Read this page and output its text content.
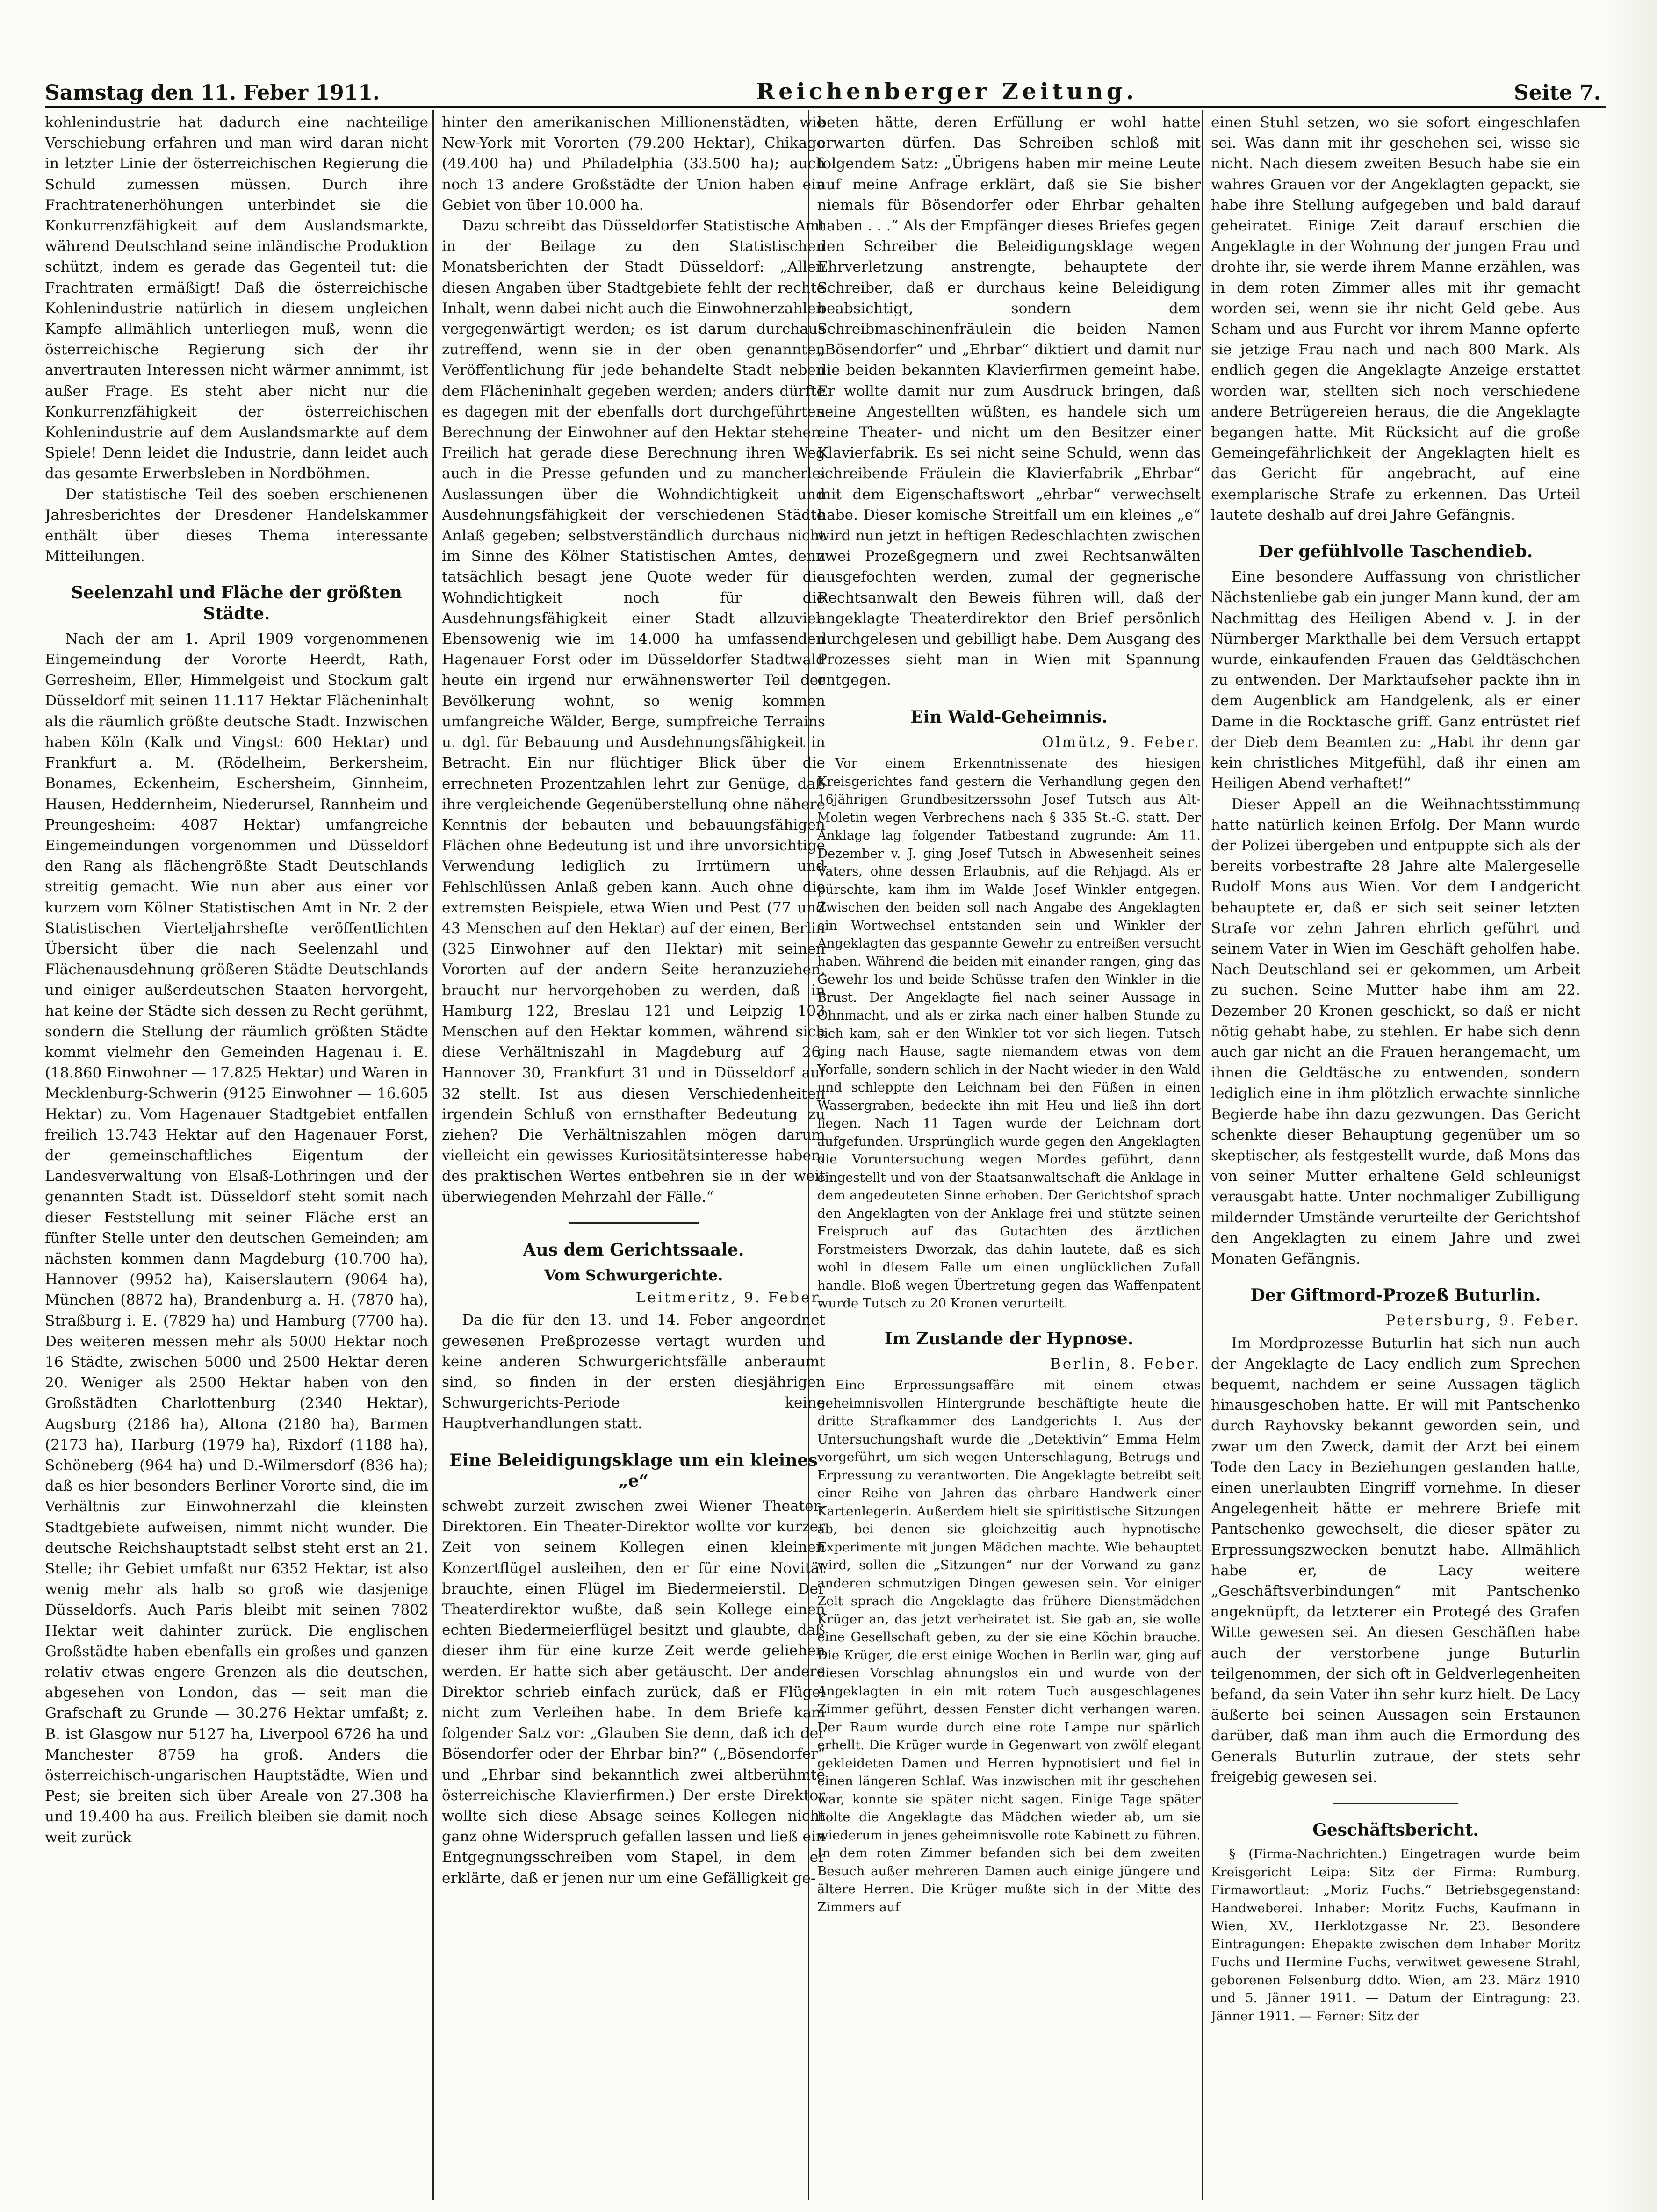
Samstag den 11. Feber 1911.	Reichenberger Zeitung.	Seite 7.

kohlenindustrie hat dadurch eine nachteilige Verschiebung erfahren und man wird daran nicht in letzter Linie der österreichischen Regierung die Schuld zumessen müssen. Durch ihre Frachtratenerhöhungen unterbindet sie die Konkurrenzfähigkeit auf dem Auslandsmarkte, während Deutschland seine inländische Produktion schützt, indem es gerade das Gegenteil tut: die Frachtraten ermäßigt! Daß die österreichische Kohlenindustrie natürlich in diesem ungleichen Kampfe allmählich unterliegen muß, wenn die österreichische Regierung sich der ihr anvertrauten Interessen nicht wärmer annimmt, ist außer Frage. Es steht aber nicht nur die Konkurrenzfähigkeit der österreichischen Kohlenindustrie auf dem Auslandsmarkte auf dem Spiele! Denn leidet die Industrie, dann leidet auch das gesamte Erwerbsleben in Nordböhmen.

Der statistische Teil des soeben erschienenen Jahresberichtes der Dresdener Handelskammer enthält über dieses Thema interessante Mitteilungen.

Seelenzahl und Fläche der größten Städte.

Nach der am 1. April 1909 vorgenommenen Eingemeindung der Vororte Heerdt, Rath, Gerresheim, Eller, Himmelgeist und Stockum galt Düsseldorf mit seinen 11.117 Hektar Flächeninhalt als die räumlich größte deutsche Stadt. Inzwischen haben Köln (Kalk und Vingst: 600 Hektar) und Frankfurt a. M. (Rödelheim, Berkersheim, Bonames, Eckenheim, Eschersheim, Ginnheim, Hausen, Heddernheim, Niederursel, Rannheim und Preungesheim: 4087 Hektar) umfangreiche Eingemeindungen vorgenommen und Düsseldorf den Rang als flächengrößte Stadt Deutschlands streitig gemacht. Wie nun aber aus einer vor kurzem vom Kölner Statistischen Amt in Nr. 2 der Statistischen Vierteljahrshefte veröffentlichten Übersicht über die nach Seelenzahl und Flächenausdehnung größeren Städte Deutschlands und einiger außerdeutschen Staaten hervorgeht, hat keine der Städte sich dessen zu Recht gerühmt, sondern die Stellung der räumlich größten Städte kommt vielmehr den Gemeinden Hagenau i. E. (18.860 Einwohner — 17.825 Hektar) und Waren in Mecklenburg-Schwerin (9125 Einwohner — 16.605 Hektar) zu. Vom Hagenauer Stadtgebiet entfallen freilich 13.743 Hektar auf den Hagenauer Forst, der gemeinschaftliches Eigentum der Landesverwaltung von Elsaß-Lothringen und der genannten Stadt ist. Düsseldorf steht somit nach dieser Feststellung mit seiner Fläche erst an fünfter Stelle unter den deutschen Gemeinden; am nächsten kommen dann Magdeburg (10.700 ha), Hannover (9952 ha), Kaiserslautern (9064 ha), München (8872 ha), Brandenburg a. H. (7870 ha), Straßburg i. E. (7829 ha) und Hamburg (7700 ha). Des weiteren messen mehr als 5000 Hektar noch 16 Städte, zwischen 5000 und 2500 Hektar deren 20. Weniger als 2500 Hektar haben von den Großstädten Charlottenburg (2340 Hektar), Augsburg (2186 ha), Altona (2180 ha), Barmen (2173 ha), Harburg (1979 ha), Rixdorf (1188 ha), Schöneberg (964 ha) und D.-Wilmersdorf (836 ha); daß es hier besonders Berliner Vororte sind, die im Verhältnis zur Einwohnerzahl die kleinsten Stadtgebiete aufweisen, nimmt nicht wunder. Die deutsche Reichshauptstadt selbst steht erst an 21. Stelle; ihr Gebiet umfaßt nur 6352 Hektar, ist also wenig mehr als halb so groß wie dasjenige Düsseldorfs. Auch Paris bleibt mit seinen 7802 Hektar weit dahinter zurück. Die englischen Großstädte haben ebenfalls ein großes und ganzen relativ etwas engere Grenzen als die deutschen, abgesehen von London, das — seit man die Grafschaft zu Grunde — 30.276 Hektar umfaßt; z. B. ist Glasgow nur 5127 ha, Liverpool 6726 ha und Manchester 8759 ha groß. Anders die österreichisch-ungarischen Hauptstädte, Wien und Pest; sie breiten sich über Areale von 27.308 ha und 19.400 ha aus. Freilich bleiben sie damit noch weit zurück

hinter den amerikanischen Millionenstädten, wie New-York mit Vororten (79.200 Hektar), Chikago (49.400 ha) und Philadelphia (33.500 ha); auch noch 13 andere Großstädte der Union haben ein Gebiet von über 10.000 ha.

Dazu schreibt das Düsseldorfer Statistische Amt in der Beilage zu den Statistischen Monatsberichten der Stadt Düsseldorf: „Allen diesen Angaben über Stadtgebiete fehlt der rechte Inhalt, wenn dabei nicht auch die Einwohnerzahlen vergegenwärtigt werden; es ist darum durchaus zutreffend, wenn sie in der oben genannten Veröffentlichung für jede behandelte Stadt neben dem Flächeninhalt gegeben werden; anders dürfte es dagegen mit der ebenfalls dort durchgeführten Berechnung der Einwohner auf den Hektar stehen. Freilich hat gerade diese Berechnung ihren Weg auch in die Presse gefunden und zu mancherlei Auslassungen über die Wohndichtigkeit und Ausdehnungsfähigkeit der verschiedenen Städte Anlaß gegeben; selbstverständlich durchaus nicht im Sinne des Kölner Statistischen Amtes, denn tatsächlich besagt jene Quote weder für die Wohndichtigkeit noch für die Ausdehnungsfähigkeit einer Stadt allzuviel. Ebensowenig wie im 14.000 ha umfassenden Hagenauer Forst oder im Düsseldorfer Stadtwald heute ein irgend nur erwähnenswerter Teil der Bevölkerung wohnt, so wenig kommen umfangreiche Wälder, Berge, sumpfreiche Terrains u. dgl. für Bebauung und Ausdehnungsfähigkeit in Betracht. Ein nur flüchtiger Blick über die errechneten Prozentzahlen lehrt zur Genüge, daß ihre vergleichende Gegenüberstellung ohne nähere Kenntnis der bebauten und bebauungsfähigen Flächen ohne Bedeutung ist und ihre unvorsichtige Verwendung lediglich zu Irrtümern und Fehlschlüssen Anlaß geben kann. Auch ohne die extremsten Beispiele, etwa Wien und Pest (77 und 43 Menschen auf den Hektar) auf der einen, Berlin (325 Einwohner auf den Hektar) mit seinen Vororten auf der andern Seite heranzuziehen, braucht nur hervorgehoben zu werden, daß in Hamburg 122, Breslau 121 und Leipzig 103 Menschen auf den Hektar kommen, während sich diese Verhältniszahl in Magdeburg auf 26, Hannover 30, Frankfurt 31 und in Düsseldorf auf 32 stellt. Ist aus diesen Verschiedenheiten irgendein Schluß von ernsthafter Bedeutung zu ziehen? Die Verhältniszahlen mögen darum vielleicht ein gewisses Kuriositätsinteresse haben, des praktischen Wertes entbehren sie in der weit überwiegenden Mehrzahl der Fälle.“

Aus dem Gerichtssaale.
Vom Schwurgerichte.
Leitmeritz, 9. Feber.

Da die für den 13. und 14. Feber angeordnet gewesenen Preßprozesse vertagt wurden und keine anderen Schwurgerichtsfälle anberaumt sind, so finden in der ersten diesjährigen Schwurgerichts-Periode keine Hauptverhandlungen statt.

Eine Beleidigungsklage um ein kleines „e“

schwebt zurzeit zwischen zwei Wiener Theater-Direktoren. Ein Theater-Direktor wollte vor kurzer Zeit von seinem Kollegen einen kleinen Konzertflügel ausleihen, den er für eine Novität brauchte, einen Flügel im Biedermeierstil. Der Theaterdirektor wußte, daß sein Kollege einen echten Biedermeierflügel besitzt und glaubte, daß dieser ihm für eine kurze Zeit werde geliehen werden. Er hatte sich aber getäuscht. Der andere Direktor schrieb einfach zurück, daß er Flügel nicht zum Verleihen habe. In dem Briefe kam folgender Satz vor: „Glauben Sie denn, daß ich der Bösendorfer oder der Ehrbar bin?“ („Bösendorfer“ und „Ehrbar sind bekanntlich zwei altberühmte österreichische Klavierfirmen.) Der erste Direktor wollte sich diese Absage seines Kollegen nicht ganz ohne Widerspruch gefallen lassen und ließ ein Entgegnungsschreiben vom Stapel, in dem er erklärte, daß er jenen nur um eine Gefälligkeit ge-

beten hätte, deren Erfüllung er wohl hatte erwarten dürfen. Das Schreiben schloß mit folgendem Satz: „Übrigens haben mir meine Leute auf meine Anfrage erklärt, daß sie Sie bisher niemals für Bösendorfer oder Ehrbar gehalten haben . . .“ Als der Empfänger dieses Briefes gegen den Schreiber die Beleidigungsklage wegen Ehrverletzung anstrengte, behauptete der Schreiber, daß er durchaus keine Beleidigung beabsichtigt, sondern dem Schreibmaschinenfräulein die beiden Namen „Bösendorfer“ und „Ehrbar“ diktiert und damit nur die beiden bekannten Klavierfirmen gemeint habe. Er wollte damit nur zum Ausdruck bringen, daß seine Angestellten wüßten, es handele sich um eine Theater- und nicht um den Besitzer einer Klavierfabrik. Es sei nicht seine Schuld, wenn das schreibende Fräulein die Klavierfabrik „Ehrbar“ mit dem Eigenschaftswort „ehrbar“ verwechselt habe. Dieser komische Streitfall um ein kleines „e“ wird nun jetzt in heftigen Redeschlachten zwischen zwei Prozeßgegnern und zwei Rechtsanwälten ausgefochten werden, zumal der gegnerische Rechtsanwalt den Beweis führen will, daß der angeklagte Theaterdirektor den Brief persönlich durchgelesen und gebilligt habe. Dem Ausgang des Prozesses sieht man in Wien mit Spannung entgegen.

Ein Wald-Geheimnis.
Olmütz, 9. Feber.

Vor einem Erkenntnissenate des hiesigen Kreisgerichtes fand gestern die Verhandlung gegen den 16jährigen Grundbesitzerssohn Josef Tutsch aus Alt-Moletin wegen Verbrechens nach § 335 St.-G. statt. Der Anklage lag folgender Tatbestand zugrunde: Am 11. Dezember v. J. ging Josef Tutsch in Abwesenheit seines Vaters, ohne dessen Erlaubnis, auf die Rehjagd. Als er pürschte, kam ihm im Walde Josef Winkler entgegen. Zwischen den beiden soll nach Angabe des Angeklagten ein Wortwechsel entstanden sein und Winkler der Angeklagten das gespannte Gewehr zu entreißen versucht haben. Während die beiden mit einander rangen, ging das Gewehr los und beide Schüsse trafen den Winkler in die Brust. Der Angeklagte fiel nach seiner Aussage in Ohnmacht, und als er zirka nach einer halben Stunde zu sich kam, sah er den Winkler tot vor sich liegen. Tutsch ging nach Hause, sagte niemandem etwas von dem Vorfalle, sondern schlich in der Nacht wieder in den Wald und schleppte den Leichnam bei den Füßen in einen Wassergraben, bedeckte ihn mit Heu und ließ ihn dort liegen. Nach 11 Tagen wurde der Leichnam dort aufgefunden. Ursprünglich wurde gegen den Angeklagten die Voruntersuchung wegen Mordes geführt, dann eingestellt und von der Staatsanwaltschaft die Anklage in dem angedeuteten Sinne erhoben. Der Gerichtshof sprach den Angeklagten von der Anklage frei und stützte seinen Freispruch auf das Gutachten des ärztlichen Forstmeisters Dworzak, das dahin lautete, daß es sich wohl in diesem Falle um einen unglücklichen Zufall handle. Bloß wegen Übertretung gegen das Waffenpatent wurde Tutsch zu 20 Kronen verurteilt.

Im Zustande der Hypnose.
Berlin, 8. Feber.

Eine Erpressungsaffäre mit einem etwas geheimnisvollen Hintergrunde beschäftigte heute die dritte Strafkammer des Landgerichts I. Aus der Untersuchungshaft wurde die „Detektivin“ Emma Helm vorgeführt, um sich wegen Unterschlagung, Betrugs und Erpressung zu verantworten. Die Angeklagte betreibt seit einer Reihe von Jahren das ehrbare Handwerk einer Kartenlegerin. Außerdem hielt sie spiritistische Sitzungen ab, bei denen sie gleichzeitig auch hypnotische Experimente mit jungen Mädchen machte. Wie behauptet wird, sollen die „Sitzungen“ nur der Vorwand zu ganz anderen schmutzigen Dingen gewesen sein. Vor einiger Zeit sprach die Angeklagte das frühere Dienstmädchen Krüger an, das jetzt verheiratet ist. Sie gab an, sie wolle eine Gesellschaft geben, zu der sie eine Köchin brauche. Die Krüger, die erst einige Wochen in Berlin war, ging auf diesen Vorschlag ahnungslos ein und wurde von der Angeklagten in ein mit rotem Tuch ausgeschlagenes Zimmer geführt, dessen Fenster dicht verhangen waren. Der Raum wurde durch eine rote Lampe nur spärlich erhellt. Die Krüger wurde in Gegenwart von zwölf elegant gekleideten Damen und Herren hypnotisiert und fiel in einen längeren Schlaf. Was inzwischen mit ihr geschehen war, konnte sie später nicht sagen. Einige Tage später holte die Angeklagte das Mädchen wieder ab, um sie wiederum in jenes geheimnisvolle rote Kabinett zu führen. In dem roten Zimmer befanden sich bei dem zweiten Besuch außer mehreren Damen auch einige jüngere und ältere Herren. Die Krüger mußte sich in der Mitte des Zimmers auf

einen Stuhl setzen, wo sie sofort eingeschlafen sei. Was dann mit ihr geschehen sei, wisse sie nicht. Nach diesem zweiten Besuch habe sie ein wahres Grauen vor der Angeklagten gepackt, sie habe ihre Stellung aufgegeben und bald darauf geheiratet. Einige Zeit darauf erschien die Angeklagte in der Wohnung der jungen Frau und drohte ihr, sie werde ihrem Manne erzählen, was in dem roten Zimmer alles mit ihr gemacht worden sei, wenn sie ihr nicht Geld gebe. Aus Scham und aus Furcht vor ihrem Manne opferte sie jetzige Frau nach und nach 800 Mark. Als endlich gegen die Angeklagte Anzeige erstattet worden war, stellten sich noch verschiedene andere Betrügereien heraus, die die Angeklagte begangen hatte. Mit Rücksicht auf die große Gemeingefährlichkeit der Angeklagten hielt es das Gericht für angebracht, auf eine exemplarische Strafe zu erkennen. Das Urteil lautete deshalb auf drei Jahre Gefängnis.

Der gefühlvolle Taschendieb.

Eine besondere Auffassung von christlicher Nächstenliebe gab ein junger Mann kund, der am Nachmittag des Heiligen Abend v. J. in der Nürnberger Markthalle bei dem Versuch ertappt wurde, einkaufenden Frauen das Geldtäschchen zu entwenden. Der Marktaufseher packte ihn in dem Augenblick am Handgelenk, als er einer Dame in die Rocktasche griff. Ganz entrüstet rief der Dieb dem Beamten zu: „Habt ihr denn gar kein christliches Mitgefühl, daß ihr einen am Heiligen Abend verhaftet!“

Dieser Appell an die Weihnachtsstimmung hatte natürlich keinen Erfolg. Der Mann wurde der Polizei übergeben und entpuppte sich als der bereits vorbestrafte 28 Jahre alte Malergeselle Rudolf Mons aus Wien. Vor dem Landgericht behauptete er, daß er sich seit seiner letzten Strafe vor zehn Jahren ehrlich geführt und seinem Vater in Wien im Geschäft geholfen habe. Nach Deutschland sei er gekommen, um Arbeit zu suchen. Seine Mutter habe ihm am 22. Dezember 20 Kronen geschickt, so daß er nicht nötig gehabt habe, zu stehlen. Er habe sich denn auch gar nicht an die Frauen herangemacht, um ihnen die Geldtäsche zu entwenden, sondern lediglich eine in ihm plötzlich erwachte sinnliche Begierde habe ihn dazu gezwungen. Das Gericht schenkte dieser Behauptung gegenüber um so skeptischer, als festgestellt wurde, daß Mons das von seiner Mutter erhaltene Geld schleunigst verausgabt hatte. Unter nochmaliger Zubilligung mildernder Umstände verurteilte der Gerichtshof den Angeklagten zu einem Jahre und zwei Monaten Gefängnis.

Der Giftmord-Prozeß Buturlin.
Petersburg, 9. Feber.

Im Mordprozesse Buturlin hat sich nun auch der Angeklagte de Lacy endlich zum Sprechen bequemt, nachdem er seine Aussagen täglich hinausgeschoben hatte. Er will mit Pantschenko durch Rayhovsky bekannt geworden sein, und zwar um den Zweck, damit der Arzt bei einem Tode den Lacy in Beziehungen gestanden hatte, einen unerlaubten Eingriff vornehme. In dieser Angelegenheit hätte er mehrere Briefe mit Pantschenko gewechselt, die dieser später zu Erpressungszwecken benutzt habe. Allmählich habe er, de Lacy weitere „Geschäftsverbindungen“ mit Pantschenko angeknüpft, da letzterer ein Protegé des Grafen Witte gewesen sei. An diesen Geschäften habe auch der verstorbene junge Buturlin teilgenommen, der sich oft in Geldverlegenheiten befand, da sein Vater ihn sehr kurz hielt. De Lacy äußerte bei seinen Aussagen sein Erstaunen darüber, daß man ihm auch die Ermordung des Generals Buturlin zutraue, der stets sehr freigebig gewesen sei.

Geschäftsbericht.

§ (Firma-Nachrichten.) Eingetragen wurde beim Kreisgericht Leipa: Sitz der Firma: Rumburg. Firmawortlaut: „Moriz Fuchs.“ Betriebsgegenstand: Handweberei. Inhaber: Moritz Fuchs, Kaufmann in Wien, XV., Herklotzgasse Nr. 23. Besondere Eintragungen: Ehepakte zwischen dem Inhaber Moritz Fuchs und Hermine Fuchs, verwitwet gewesene Strahl, geborenen Felsenburg ddto. Wien, am 23. März 1910 und 5. Jänner 1911. — Datum der Eintragung: 23. Jänner 1911. — Ferner: Sitz der
